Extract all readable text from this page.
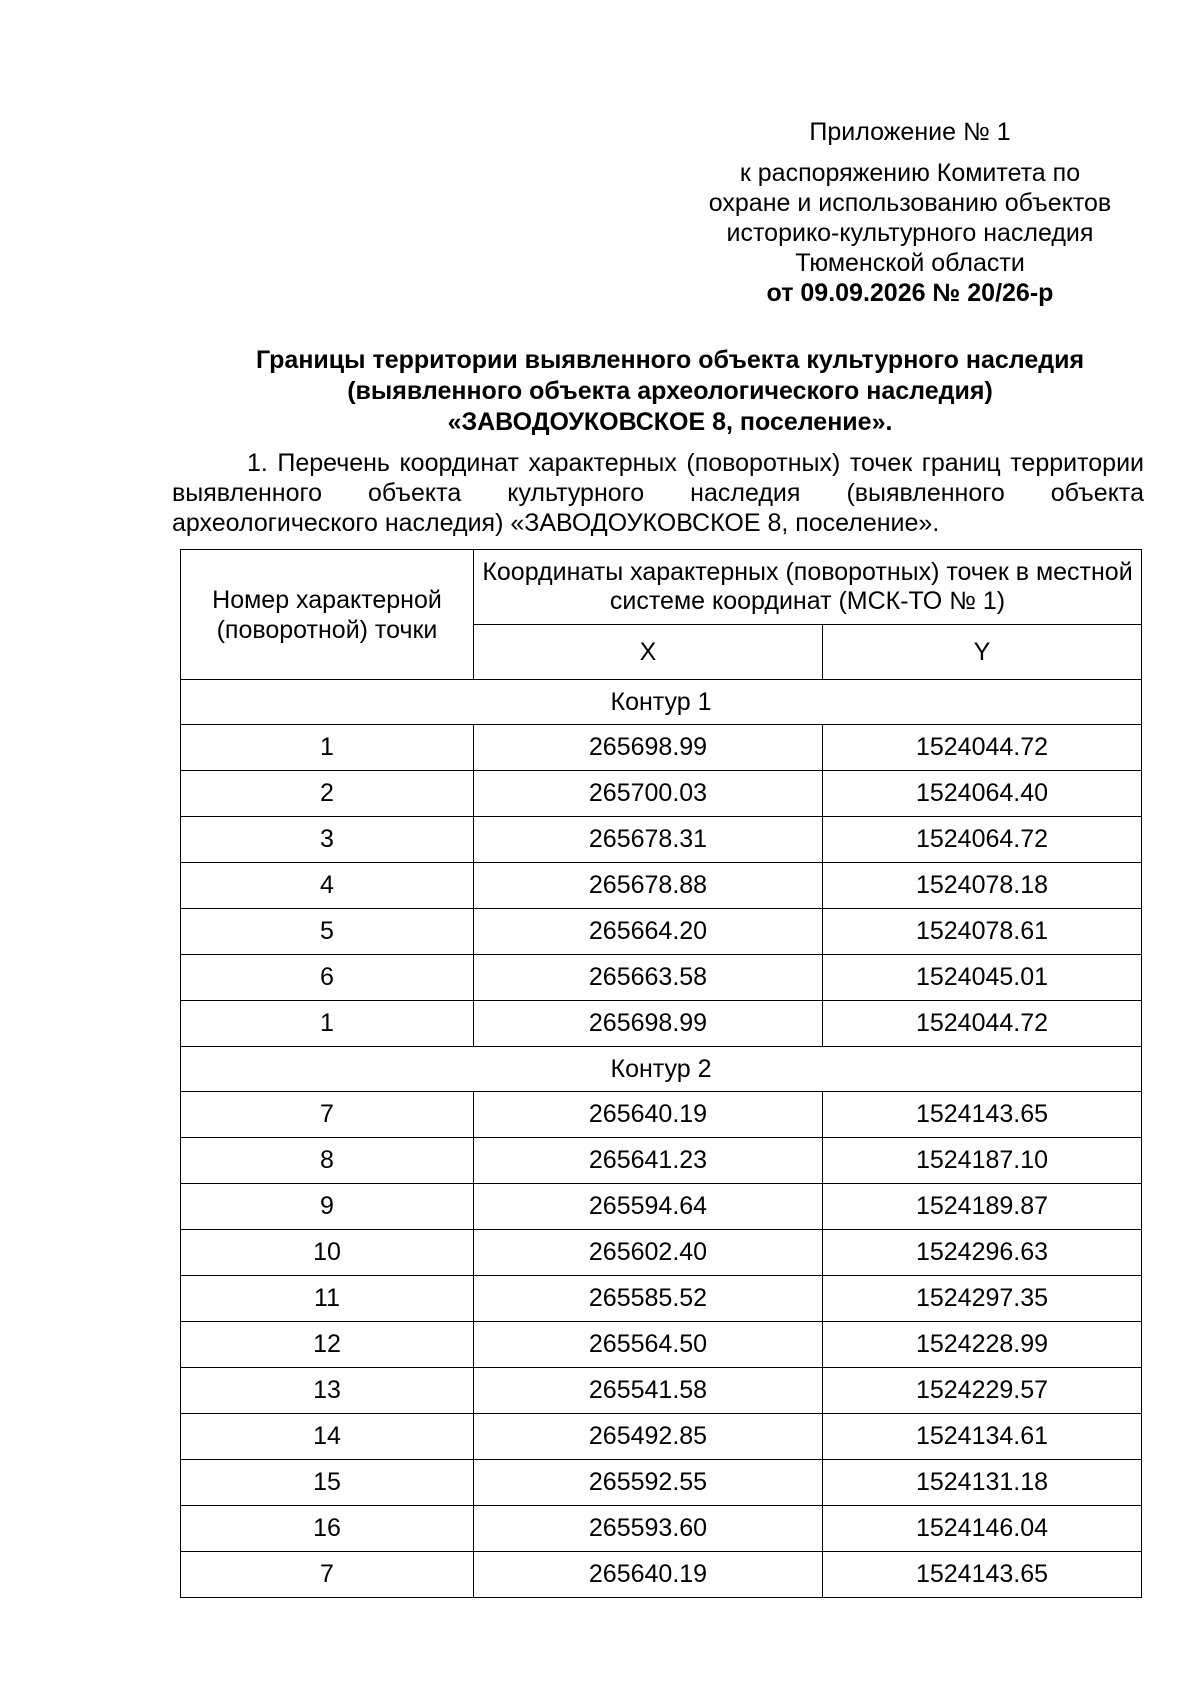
Приложение № 1
к распоряжению Комитета по
охране и использованию объектов
историко-культурного наследия
Тюменской области
от 09.09.2026 № 20/26-р
Границы территории выявленного объекта культурного наследия
(выявленного объекта археологического наследия)
«ЗАВОДОУКОВСКОЕ 8, поселение».
1. Перечень координат характерных (поворотных) точек границ территории выявленного объекта культурного наследия (выявленного объекта археологического наследия) «ЗАВОДОУКОВСКОЕ 8, поселение».
Номер характерной (поворотной) точки	Координаты характерных (поворотных) точек в местной системе координат (МСК-ТО № 1)	
	X	Y
Контур 1		
1	265698.99	1524044.72
2	265700.03	1524064.40
3	265678.31	1524064.72
4	265678.88	1524078.18
5	265664.20	1524078.61
6	265663.58	1524045.01
1	265698.99	1524044.72
Контур 2		
7	265640.19	1524143.65
8	265641.23	1524187.10
9	265594.64	1524189.87
10	265602.40	1524296.63
11	265585.52	1524297.35
12	265564.50	1524228.99
13	265541.58	1524229.57
14	265492.85	1524134.61
15	265592.55	1524131.18
16	265593.60	1524146.04
7	265640.19	1524143.65
